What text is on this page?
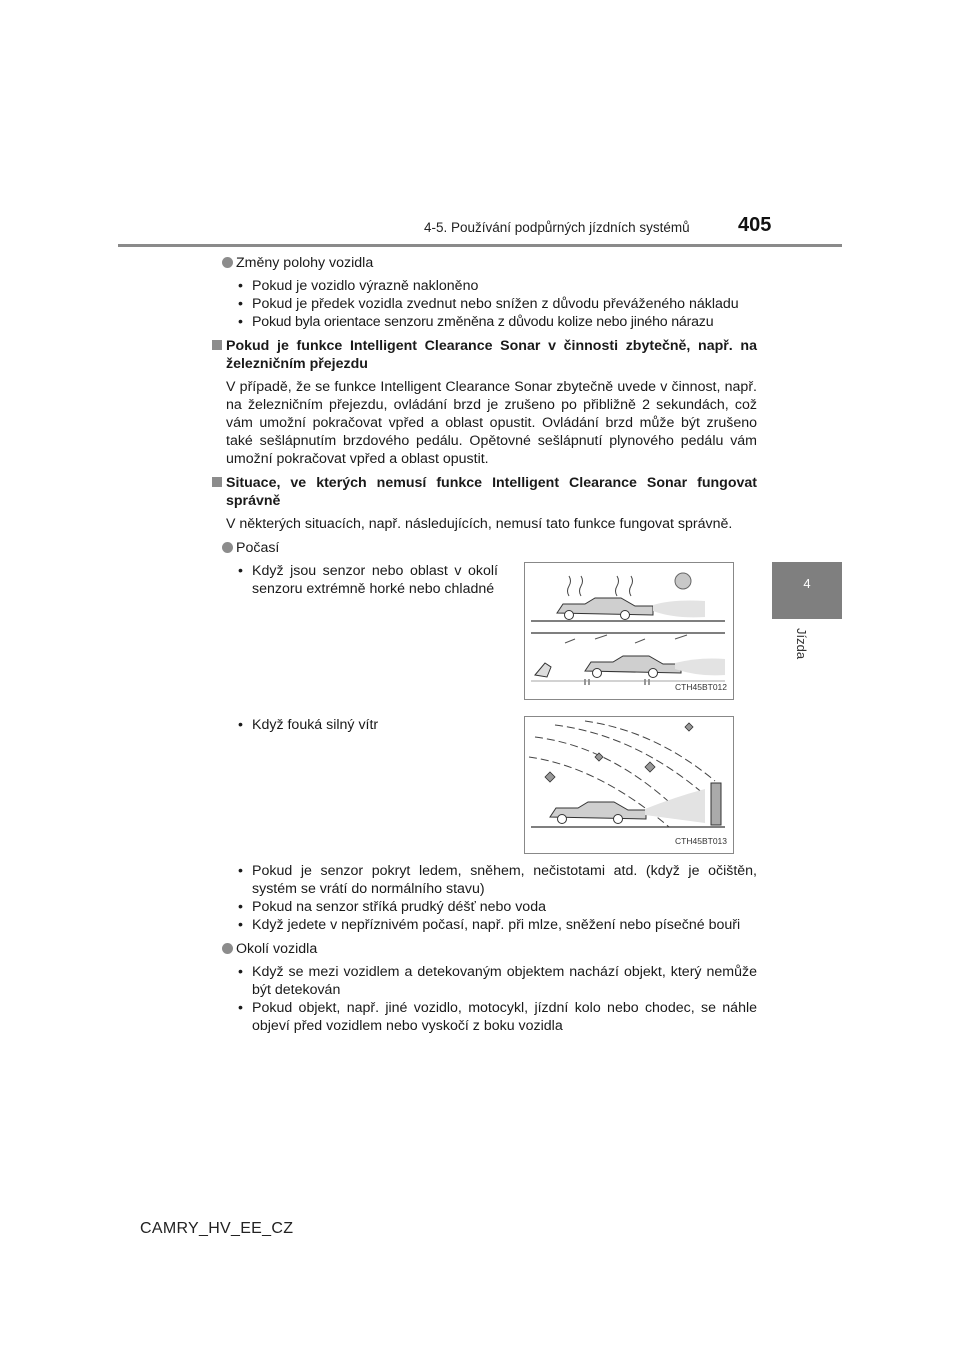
4-5. Používání podpůrných jízdních systémů 405
4
Jízda
Změny polohy vozidla
• Pokud je vozidlo výrazně nakloněno
• Pokud je předek vozidla zvednut nebo snížen z důvodu převáženého nákladu
• Pokud byla orientace senzoru změněna z důvodu kolize nebo jiného nárazu
Pokud je funkce Intelligent Clearance Sonar v činnosti zbytečně, např. na železničním přejezdu
V případě, že se funkce Intelligent Clearance Sonar zbytečně uvede v činnost, např. na železničním přejezdu, ovládání brzd je zrušeno po přibližně 2 sekundách, což vám umožní pokračovat vpřed a oblast opustit. Ovládání brzd může být zrušeno také sešlápnutím brzdového pedálu. Opětovné sešlápnutí plynového pedálu vám umožní pokračovat vpřed a oblast opustit.
Situace, ve kterých nemusí funkce Intelligent Clearance Sonar fungovat správně
V některých situacích, např. následujících, nemusí tato funkce fungovat správně.
Počasí
• Když jsou senzor nebo oblast v okolí senzoru extrémně horké nebo chladné
CTH45BT012
• Když fouká silný vítr
CTH45BT013
• Pokud je senzor pokryt ledem, sněhem, nečistotami atd. (když je očištěn, systém se vrátí do normálního stavu)
• Pokud na senzor stříká prudký déšť nebo voda
• Když jedete v nepříznivém počasí, např. při mlze, sněžení nebo písečné bouři
Okolí vozidla
• Když se mezi vozidlem a detekovaným objektem nachází objekt, který nemůže být detekován
• Pokud objekt, např. jiné vozidlo, motocykl, jízdní kolo nebo chodec, se náhle objeví před vozidlem nebo vyskočí z boku vozidla
CAMRY_HV_EE_CZ
